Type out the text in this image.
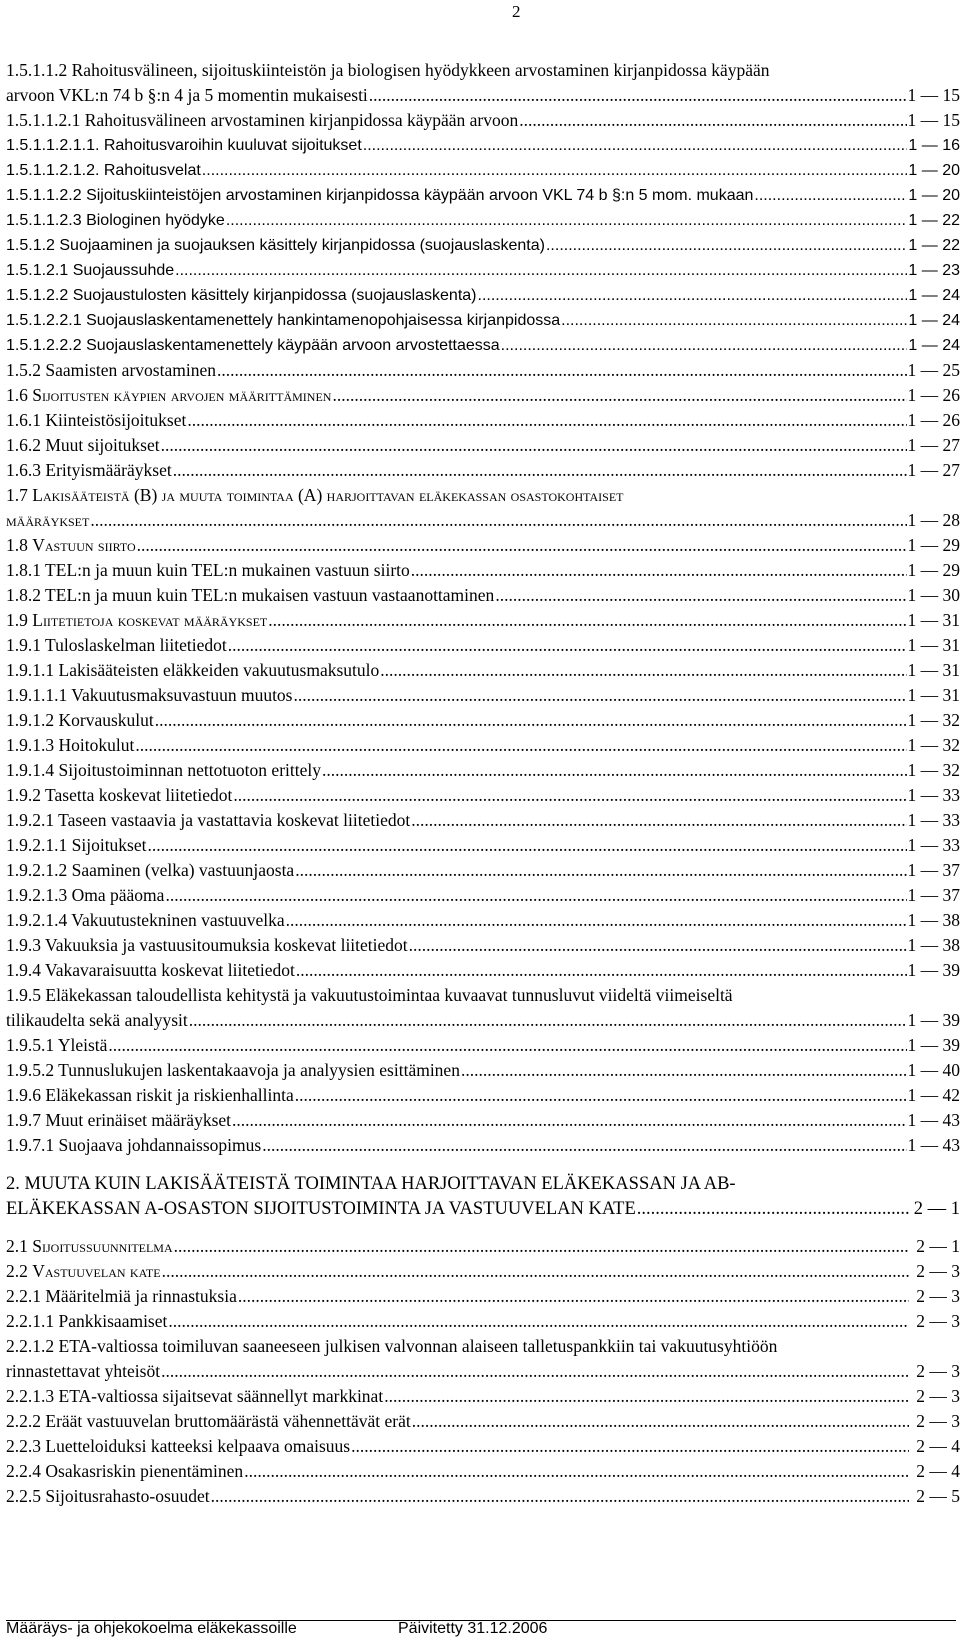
2
1.5.1.1.2 Rahoitusvälineen, sijoituskiinteistön ja biologisen hyödykkeen arvostaminen kirjanpidossa käypään
arvoon VKL:n 74 b §:n 4 ja 5 momentin mukaisesti .....	1 — 15
1.5.1.1.2.1 Rahoitusvälineen arvostaminen kirjanpidossa käypään arvoon .....	1 — 15
1.5.1.1.2.1.1. Rahoitusvaroihin kuuluvat sijoitukset .....	1 — 16
1.5.1.1.2.1.2. Rahoitusvelat .....	1 — 20
1.5.1.1.2.2 Sijoituskiinteistöjen arvostaminen kirjanpidossa käypään arvoon VKL 74 b §:n 5 mom. mukaan .....	1 — 20
1.5.1.1.2.3 Biologinen hyödyke .....	1 — 22
1.5.1.2 Suojaaminen ja suojauksen käsittely kirjanpidossa (suojauslaskenta) .....	1 — 22
1.5.1.2.1 Suojaussuhde .....	1 — 23
1.5.1.2.2 Suojaustulosten käsittely kirjanpidossa (suojauslaskenta) .....	1 — 24
1.5.1.2.2.1 Suojauslaskentamenettely hankintamenopohjaisessa kirjanpidossa .....	1 — 24
1.5.1.2.2.2 Suojauslaskentamenettely käypään arvoon arvostettaessa .....	1 — 24
1.5.2 Saamisten arvostaminen .....	1 — 25
1.6 Sijoitusten käypien arvojen määrittäminen .....	1 — 26
1.6.1 Kiinteistösijoitukset .....	1 — 26
1.6.2 Muut sijoitukset .....	1 — 27
1.6.3 Erityismääräykset .....	1 — 27
1.7 Lakisääteistä (B) ja muuta toimintaa (A) harjoittavan eläkekassan osastokohtaiset
määräykset .....	1 — 28
1.8 Vastuun siirto .....	1 — 29
1.8.1 TEL:n ja muun kuin TEL:n mukainen vastuun siirto .....	1 — 29
1.8.2 TEL:n ja muun kuin TEL:n mukaisen vastuun vastaanottaminen .....	1 — 30
1.9 Liitetietoja koskevat määräykset .....	1 — 31
1.9.1 Tuloslaskelman liitetiedot .....	1 — 31
1.9.1.1 Lakisääteisten eläkkeiden vakuutusmaksutulo .....	1 — 31
1.9.1.1.1 Vakuutusmaksuvastuun muutos .....	1 — 31
1.9.1.2 Korvauskulut .....	1 — 32
1.9.1.3 Hoitokulut .....	1 — 32
1.9.1.4 Sijoitustoiminnan nettotuoton erittely .....	1 — 32
1.9.2 Tasetta koskevat liitetiedot .....	1 — 33
1.9.2.1 Taseen vastaavia ja vastattavia koskevat liitetiedot .....	1 — 33
1.9.2.1.1 Sijoitukset .....	1 — 33
1.9.2.1.2 Saaminen (velka) vastuunjaosta .....	1 — 37
1.9.2.1.3 Oma pääoma .....	1 — 37
1.9.2.1.4 Vakuutustekninen vastuuvelka .....	1 — 38
1.9.3 Vakuuksia ja vastuusitoumuksia koskevat liitetiedot .....	1 — 38
1.9.4 Vakavaraisuutta koskevat liitetiedot .....	1 — 39
1.9.5 Eläkekassan taloudellista kehitystä ja vakuutustoimintaa kuvaavat tunnusluvut viideltä viimeiseltä
tilikaudelta sekä analyysit .....	1 — 39
1.9.5.1 Yleistä .....	1 — 39
1.9.5.2 Tunnuslukujen laskentakaavoja ja analyysien esittäminen .....	1 — 40
1.9.6 Eläkekassan riskit ja riskienhallinta .....	1 — 42
1.9.7 Muut erinäiset määräykset .....	1 — 43
1.9.7.1 Suojaava johdannaissopimus .....	1 — 43
2. MUUTA KUIN LAKISÄÄTEISTÄ TOIMINTAA HARJOITTAVAN ELÄKEKASSAN JA AB-
ELÄKEKASSAN A-OSASTON SIJOITUSTOIMINTA JA VASTUUVELAN KATE .....	2 — 1
2.1 Sijoitussuunnitelma .....	2 — 1
2.2 Vastuuvelan kate .....	2 — 3
2.2.1 Määritelmiä ja rinnastuksia .....	2 — 3
2.2.1.1 Pankkisaamiset .....	2 — 3
2.2.1.2 ETA-valtiossa toimiluvan saaneeseen julkisen valvonnan alaiseen talletuspankkiin tai vakuutusyhtiöön
rinnastettavat yhteisöt .....	2 — 3
2.2.1.3 ETA-valtiossa sijaitsevat säännellyt markkinat .....	2 — 3
2.2.2 Eräät vastuuvelan bruttomäärästä vähennettävät erät .....	2 — 3
2.2.3 Luetteloiduksi katteeksi kelpaava omaisuus .....	2 — 4
2.2.4 Osakasriskin pienentäminen .....	2 — 4
2.2.5 Sijoitusrahasto-osuudet .....	2 — 5
Määräys- ja ohjekokoelma eläkekassoille	Päivitetty 31.12.2006
